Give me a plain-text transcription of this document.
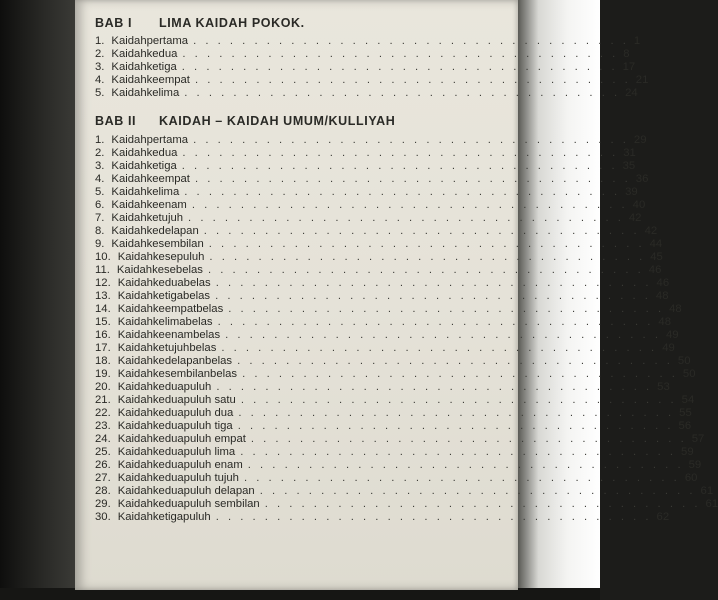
BAB I	LIMA KAIDAH POKOK.
1. Kaidah pertama . . . . . . . . . . . . . . . . . . . . . . . . . . . . . . . . . . . . 1
2. Kaidah kedua . . . . . . . . . . . . . . . . . . . . . . . . . . . . . . . . . . . . 8
3. Kaidah ketiga . . . . . . . . . . . . . . . . . . . . . . . . . . . . . . . . . . . . 17
4. Kaidah keempat . . . . . . . . . . . . . . . . . . . . . . . . . . . . . . . . . . . . 21
5. Kaidah kelima . . . . . . . . . . . . . . . . . . . . . . . . . . . . . . . . . . . . 24
BAB II	KAIDAH – KAIDAH UMUM/KULLIYAH
1. Kaidah pertama . . . . . . . . . . . . . . . . . . . . . . . . . . . . . . . . . . . . 29
2. Kaidah kedua . . . . . . . . . . . . . . . . . . . . . . . . . . . . . . . . . . . . 31
3. Kaidah ketiga . . . . . . . . . . . . . . . . . . . . . . . . . . . . . . . . . . . . 35
4. Kaidah keempat . . . . . . . . . . . . . . . . . . . . . . . . . . . . . . . . . . . . 36
5. Kaidah kelima . . . . . . . . . . . . . . . . . . . . . . . . . . . . . . . . . . . . 39
6. Kaidah keenam . . . . . . . . . . . . . . . . . . . . . . . . . . . . . . . . . . . . 40
7. Kaidah ketujuh . . . . . . . . . . . . . . . . . . . . . . . . . . . . . . . . . . . . 42
8. Kaidah kedelapan . . . . . . . . . . . . . . . . . . . . . . . . . . . . . . . . . . . . 42
9. Kaidah kesembilan . . . . . . . . . . . . . . . . . . . . . . . . . . . . . . . . . . . . 44
10. Kaidah kesepuluh . . . . . . . . . . . . . . . . . . . . . . . . . . . . . . . . . . . . 45
11. Kaidah kesebelas . . . . . . . . . . . . . . . . . . . . . . . . . . . . . . . . . . . . 46
12. Kaidah keduabelas . . . . . . . . . . . . . . . . . . . . . . . . . . . . . . . . . . . . 46
13. Kaidah ketigabelas . . . . . . . . . . . . . . . . . . . . . . . . . . . . . . . . . . . . 48
14. Kaidah keempatbelas . . . . . . . . . . . . . . . . . . . . . . . . . . . . . . . . . . . . 48
15. Kaidah kelimabelas . . . . . . . . . . . . . . . . . . . . . . . . . . . . . . . . . . . . 48
16. Kaidah keenambelas . . . . . . . . . . . . . . . . . . . . . . . . . . . . . . . . . . . . 49
17. Kaidah ketujuhbelas . . . . . . . . . . . . . . . . . . . . . . . . . . . . . . . . . . . . 49
18. Kaidah kedelapanbelas . . . . . . . . . . . . . . . . . . . . . . . . . . . . . . . . . . . . 50
19. Kaidah kesembilanbelas . . . . . . . . . . . . . . . . . . . . . . . . . . . . . . . . . . . . 50
20. Kaidah keduapuluh . . . . . . . . . . . . . . . . . . . . . . . . . . . . . . . . . . . . 53
21. Kaidah keduapuluh satu . . . . . . . . . . . . . . . . . . . . . . . . . . . . . . . . . . . . 54
22. Kaidah keduapuluh dua . . . . . . . . . . . . . . . . . . . . . . . . . . . . . . . . . . . . 55
23. Kaidah keduapuluh tiga . . . . . . . . . . . . . . . . . . . . . . . . . . . . . . . . . . . . 56
24. Kaidah keduapuluh empat . . . . . . . . . . . . . . . . . . . . . . . . . . . . . . . . . . . . 57
25. Kaidah keduapuluh lima . . . . . . . . . . . . . . . . . . . . . . . . . . . . . . . . . . . . 59
26. Kaidah keduapuluh enam . . . . . . . . . . . . . . . . . . . . . . . . . . . . . . . . . . . . 59
27. Kaidah keduapuluh tujuh . . . . . . . . . . . . . . . . . . . . . . . . . . . . . . . . . . . . 60
28. Kaidah keduapuluh delapan . . . . . . . . . . . . . . . . . . . . . . . . . . . . . . . . . . . . 61
29. Kaidah keduapuluh sembilan . . . . . . . . . . . . . . . . . . . . . . . . . . . . . . . . . . . . 61
30. Kaidah ketigapuluh . . . . . . . . . . . . . . . . . . . . . . . . . . . . . . . . . . . . 62
